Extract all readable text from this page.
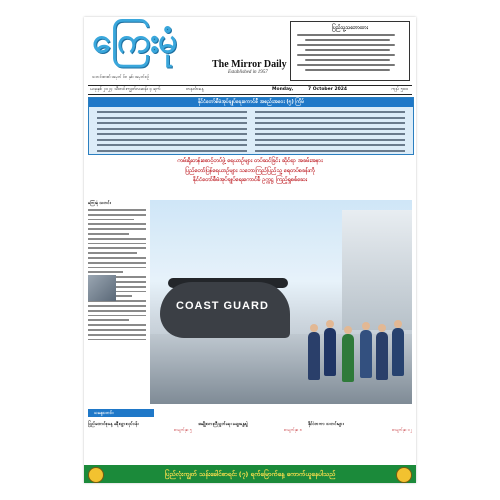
ကြေးမုံ
The Mirror Daily
Established in 1957
သတင်းစာ၏ အမှတ် ၆၈ နှစ်၊ အမှတ်စဉ်
ပြည်သူ့သဘောထား
ယခုနှစ် ၂၀၂၄ သီတင်းကျွတ်လဆန်း ၄ ရက်	တနင်္လာနေ့	Monday,	7 October 2024	ကျပ် ၅၀၀
နိုင်ငံတော်စီမံအုပ်ချုပ်ရေးကောင်စီ အစည်းအဝေး (၅) ကြိမ်
ကမ်းရိုးတန်းစောင့်တပ်ဖွဲ့ ရေယာဉ်များ တပ်ဆင်ခြင်း ဆိုင်ရာ အခမ်းအနား
ပြည်တော်ပြန်ရေယာဉ်များ သဘောကြည်ပြည်သူ့ ရေတပ်စခန်းကို
နိုင်ငံတော်စီမံအုပ်ချုပ်ရေးကောင်စီ ဥက္ကဋ္ဌ ကြည့်ရှုစစ်ဆေး
ကြေးမုံ သတင်း
COAST GUARD
ယနေ့သတင်း
ပြည်ထောင်စုနေ့ ခရီးသွားလုပ်ငန်း
စာမျက်နှာ ၅
အမျိုးသားညီညွတ်ရေး ဆွေးနွေးပွဲ
စာမျက်နှာ ၈
နိုင်ငံတကာ သတင်းများ
စာမျက်နှာ ၁၂
ပြည်လုံးကျွတ် သန်းခေါင်စာရင်း (၇) ရက်မြောက်နေ့ ကောက်ယူနေပါသည်
